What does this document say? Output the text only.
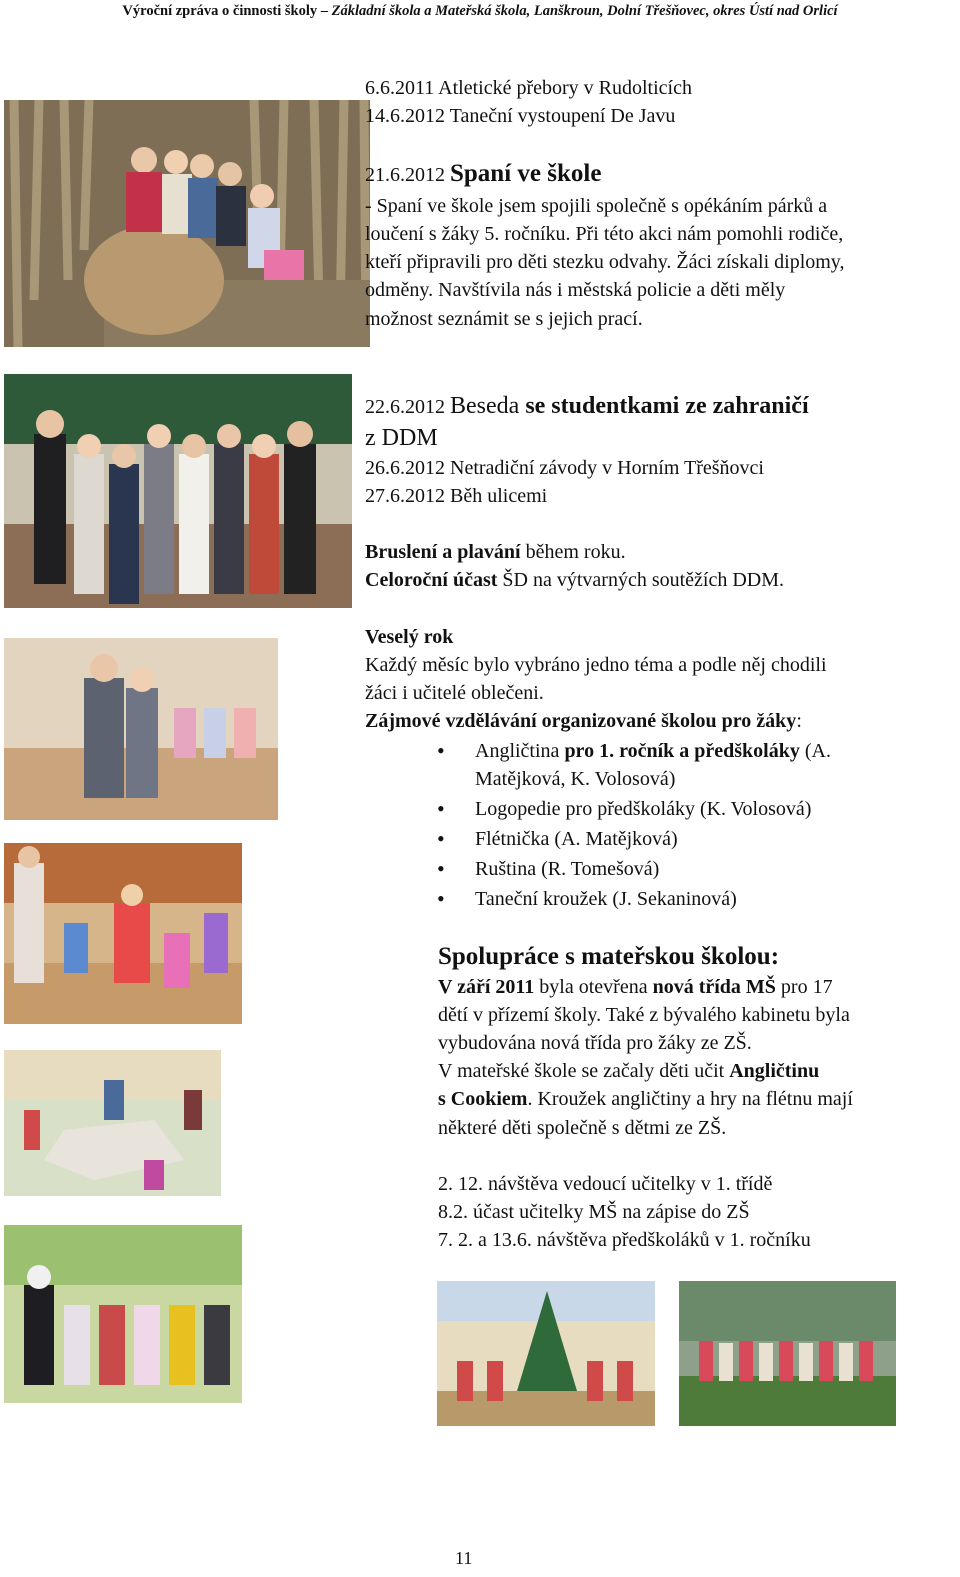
Výroční zpráva o činnosti školy – Základní škola a Mateřská škola, Lanškroun, Dolní Třešňovec, okres Ústí nad Orlicí
6.6.2011 Atletické přebory v Rudolticích
14.6.2012 Taneční vystoupení De Javu
21.6.2012 Spaní ve škole
- Spaní ve škole jsem spojili společně s opékáním párků a
loučení s žáky 5. ročníku. Při této akci nám pomohli rodiče,
kteří připravili pro děti stezku odvahy. Žáci získali diplomy,
odměny. Navštívila nás i městská policie a děti měly
možnost seznámit se s jejich prací.
22.6.2012 Beseda se studentkami ze zahraničí
z DDM
26.6.2012 Netradiční závody v Horním Třešňovci
27.6.2012 Běh ulicemi
Bruslení a plavání během roku.
Celoroční účast ŠD na výtvarných soutěžích DDM.
Veselý rok
Každý měsíc bylo vybráno jedno téma a podle něj chodili
žáci i učitelé oblečeni.
Zájmové vzdělávání organizované školou pro žáky:
• Angličtina pro 1. ročník a předškoláky (A.
Matějková, K. Volosová)
• Logopedie pro předškoláky (K. Volosová)
• Flétnička (A. Matějková)
• Ruština (R. Tomešová)
• Taneční kroužek (J. Sekaninová)
Spolupráce s mateřskou školou:
V září 2011 byla otevřena nová třída MŠ pro 17
dětí v přízemí školy. Také z bývalého kabinetu byla
vybudována nová třída pro žáky ze ZŠ.
V mateřské škole se začaly děti učit Angličtinu
s Cookiem. Kroužek angličtiny a hry na flétnu mají
některé děti společně s dětmi ze ZŠ.
2. 12. návštěva vedoucí učitelky v 1. třídě
8.2. účast učitelky MŠ na zápise do ZŠ
7. 2. a 13.6. návštěva předškoláků v 1. ročníku
11
